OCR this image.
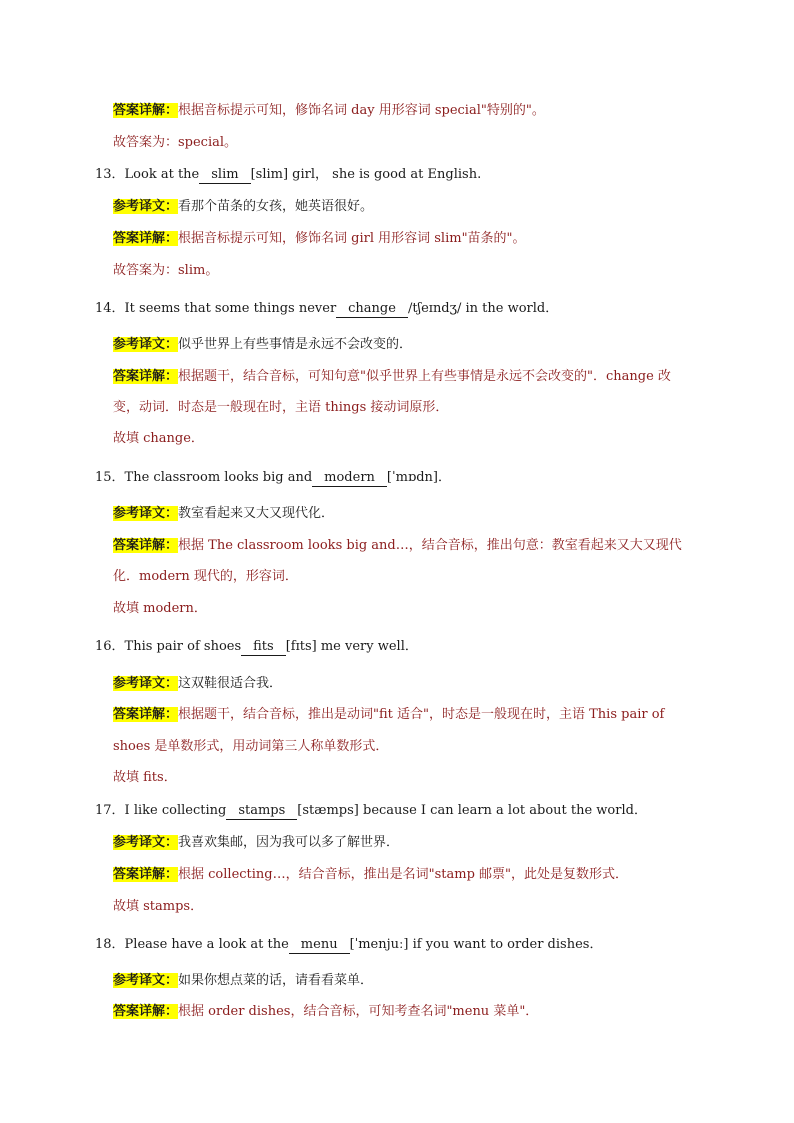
答案详解：根据音标提示可知，修饰名词 day 用形容词 special"特别的"。
故答案为：special。
13．Look at the slim [slim] girl， she is good at English.
参考译文：看那个苗条的女孩，她英语很好。
答案详解：根据音标提示可知，修饰名词 girl 用形容词 slim"苗条的"。
故答案为：slim。
14．It seems that some things never change /tʃeɪndʒ/ in the world．
参考译文：似乎世界上有些事情是永远不会改变的．
答案详解：根据题干，结合音标，可知句意"似乎世界上有些事情是永远不会改变的"．change 改
变，动词．时态是一般现在时，主语 things 接动词原形．
故填 change．
15．The classroom looks big and modern [ˈmɒdn]．
参考译文：教室看起来又大又现代化．
答案详解：根据 The classroom looks big and…，结合音标，推出句意：教室看起来又大又现代
化．modern 现代的，形容词．
故填 modern．
16．This pair of shoes fits [fɪts] me very well．
参考译文：这双鞋很适合我．
答案详解：根据题干，结合音标，推出是动词"fit 适合"，时态是一般现在时，主语 This pair of
shoes 是单数形式，用动词第三人称单数形式．
故填 fits．
17．I like collecting stamps [stæmps] because I can learn a lot about the world．
参考译文：我喜欢集邮，因为我可以多了解世界．
答案详解：根据 collecting…，结合音标，推出是名词"stamp 邮票"，此处是复数形式．
故填 stamps．
18．Please have a look at the menu [ˈmenjuː] if you want to order dishes．
参考译文：如果你想点菜的话，请看看菜单．
答案详解：根据 order dishes，结合音标，可知考查名词"menu 菜单"．
